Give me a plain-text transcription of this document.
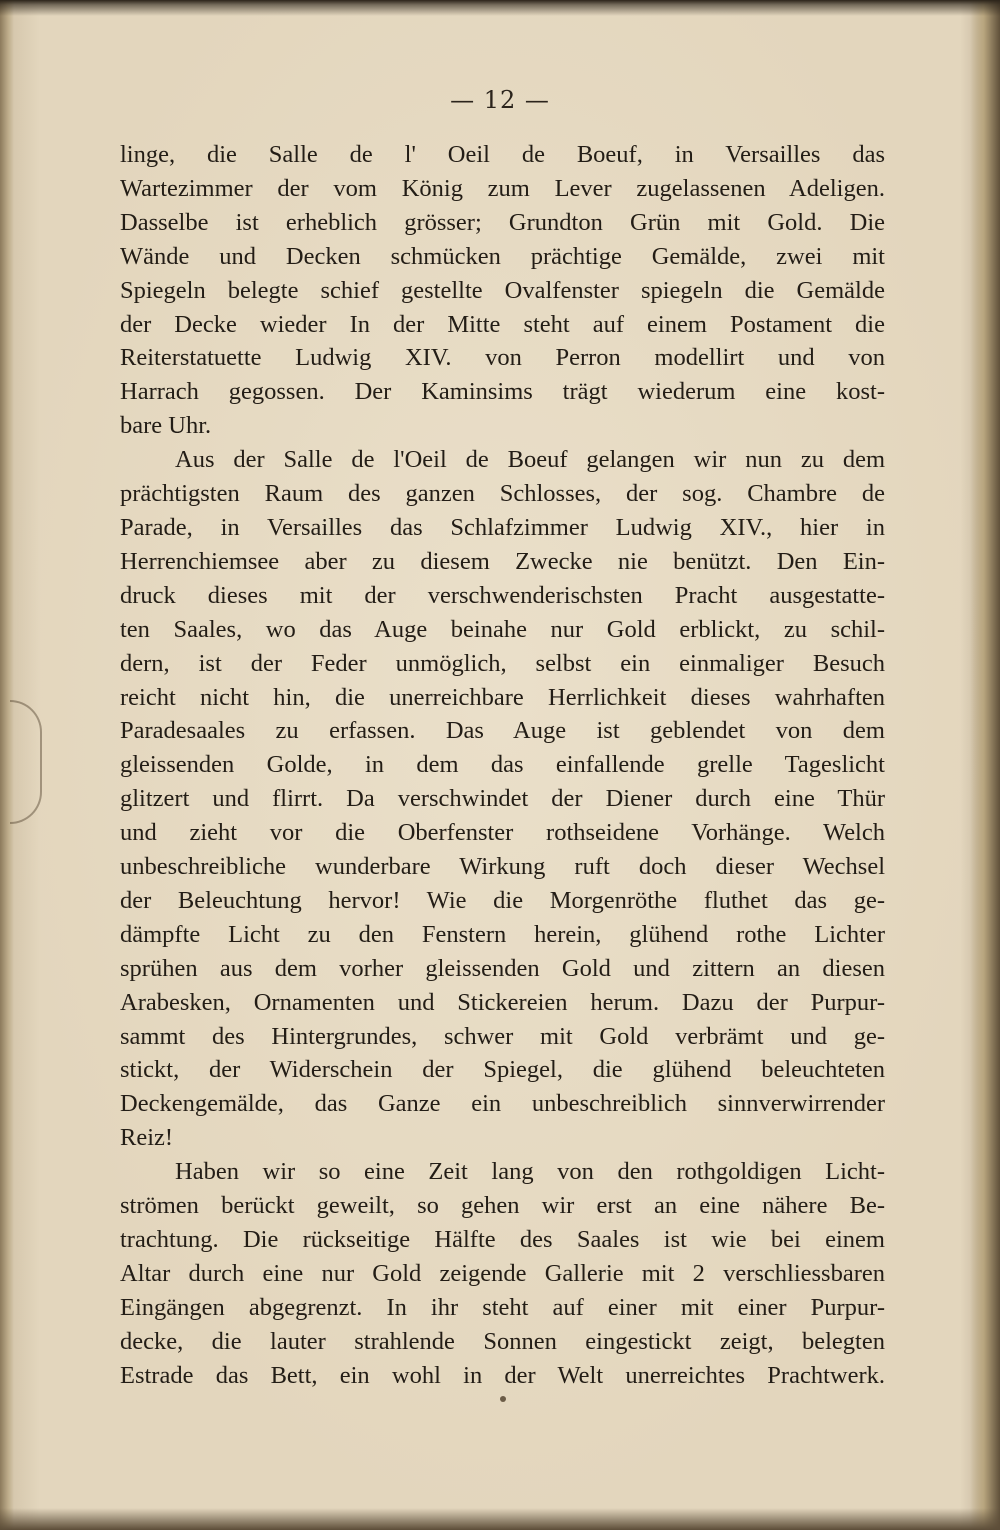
— 12 —
linge, die Salle de l' Oeil de Boeuf, in Versailles das
Wartezimmer der vom König zum Lever zugelassenen Adeligen.
Dasselbe ist erheblich grösser; Grundton Grün mit Gold. Die
Wände und Decken schmücken prächtige Gemälde, zwei mit
Spiegeln belegte schief gestellte Ovalfenster spiegeln die Gemälde
der Decke wieder In der Mitte steht auf einem Postament die
Reiterstatuette Ludwig XIV. von Perron modellirt und von
Harrach gegossen. Der Kaminsims trägt wiederum eine kost-
bare Uhr.
Aus der Salle de l'Oeil de Boeuf gelangen wir nun zu dem
prächtigsten Raum des ganzen Schlosses, der sog. Chambre de
Parade, in Versailles das Schlafzimmer Ludwig XIV., hier in
Herrenchiemsee aber zu diesem Zwecke nie benützt. Den Ein-
druck dieses mit der verschwenderischsten Pracht ausgestatte-
ten Saales, wo das Auge beinahe nur Gold erblickt, zu schil-
dern, ist der Feder unmöglich, selbst ein einmaliger Besuch
reicht nicht hin, die unerreichbare Herrlichkeit dieses wahrhaften
Paradesaales zu erfassen. Das Auge ist geblendet von dem
gleissenden Golde, in dem das einfallende grelle Tageslicht
glitzert und flirrt. Da verschwindet der Diener durch eine Thür
und zieht vor die Oberfenster rothseidene Vorhänge. Welch
unbeschreibliche wunderbare Wirkung ruft doch dieser Wechsel
der Beleuchtung hervor! Wie die Morgenröthe fluthet das ge-
dämpfte Licht zu den Fenstern herein, glühend rothe Lichter
sprühen aus dem vorher gleissenden Gold und zittern an diesen
Arabesken, Ornamenten und Stickereien herum. Dazu der Purpur-
sammt des Hintergrundes, schwer mit Gold verbrämt und ge-
stickt, der Widerschein der Spiegel, die glühend beleuchteten
Deckengemälde, das Ganze ein unbeschreiblich sinnverwirrender
Reiz!
Haben wir so eine Zeit lang von den rothgoldigen Licht-
strömen berückt geweilt, so gehen wir erst an eine nähere Be-
trachtung. Die rückseitige Hälfte des Saales ist wie bei einem
Altar durch eine nur Gold zeigende Gallerie mit 2 verschliessbaren
Eingängen abgegrenzt. In ihr steht auf einer mit einer Purpur-
decke, die lauter strahlende Sonnen eingestickt zeigt, belegten
Estrade das Bett, ein wohl in der Welt unerreichtes Prachtwerk.
